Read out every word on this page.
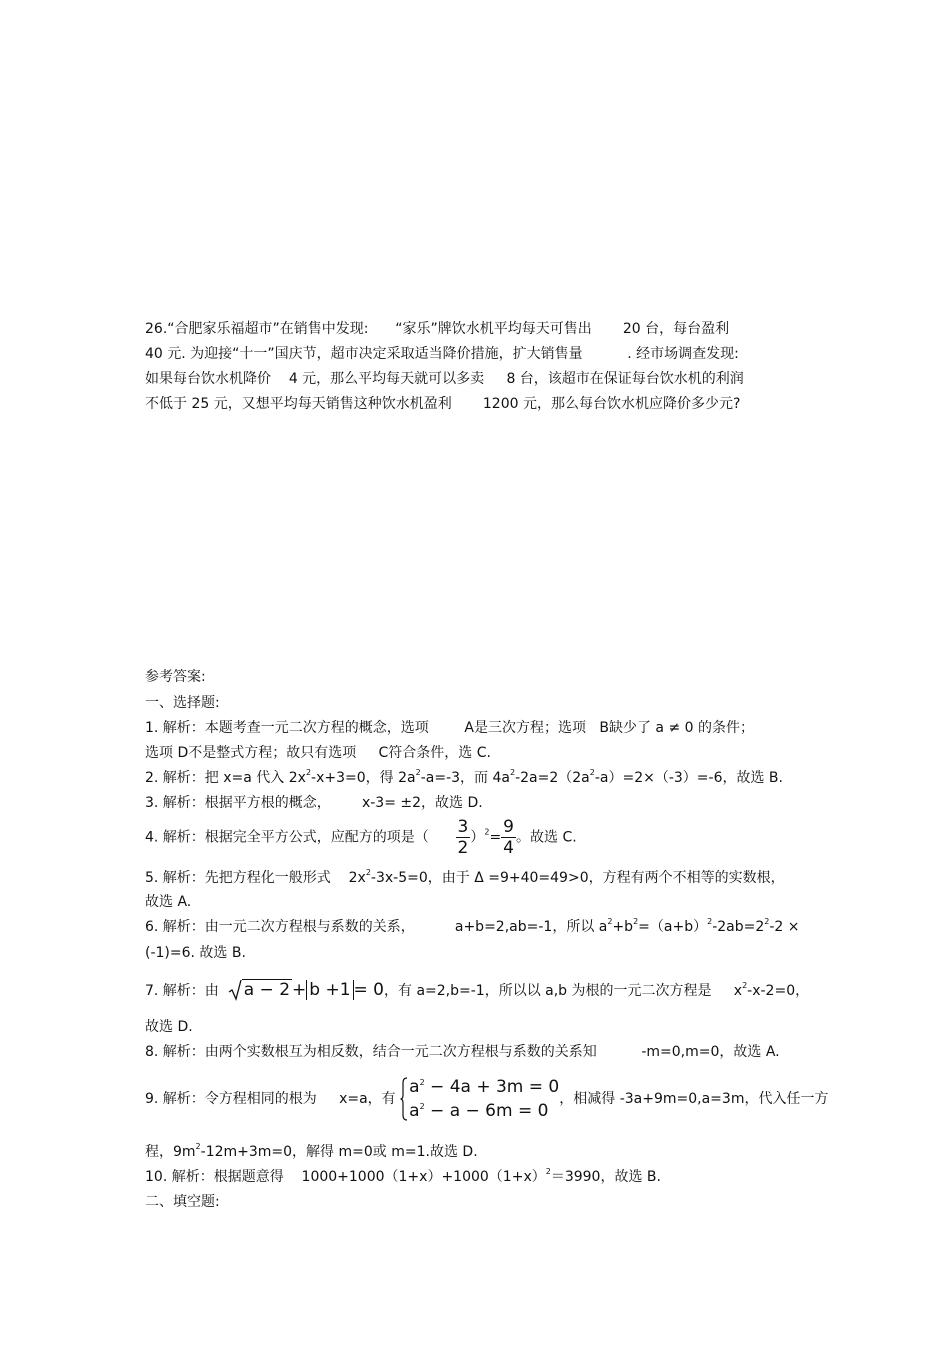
26.“合肥家乐福超市”在销售中发现: “家乐”牌饮水机平均每天可售出 20 台，每台盈利
40 元. 为迎接“十一”国庆节，超市决定采取适当降价措施，扩大销售量	. 经市场调查发现:
如果每台饮水机降价 4 元，那么平均每天就可以多卖 8 台，该超市在保证每台饮水机的利润
不低于 25 元，又想平均每天销售这种饮水机盈利 1200 元，那么每台饮水机应降价多少元?
参考答案:
一、选择题:
1. 解析：本题考查一元二次方程的概念，选项	A是三次方程；选项 B缺少了 a ≠ 0 的条件；
选项 D不是整式方程；故只有选项 C符合条件，选 C.
2. 解析：把 x=a 代入 $2x^2-x+3=0$，得 $2a^2-a=-3$，而 $4a^2-2a=2(2a^2-a)=2\times(-3)=-6$，故选 B.
3. 解析：根据平方根的概念， x-3= ±2，故选 D.
4. 解析：根据完全平方公式，应配方的项是（ $\frac{3}{2} )^2= \frac{9}{4}$ 。故选 C.
5. 解析：先把方程化一般形式 $2x^2-3x-5=0$，由于 Δ =9+40=49>0，方程有两个不相等的实数根，
故选 A.
6. 解析：由一元二次方程根与系数的关系，	a+b=2,ab=-1，所以 $a^2+b^2=(a+b)^2-2ab=2^2-2$ ×
(-1)=6. 故选 B.
7. 解析：由 a − 2 + b +1 = 0，有 a=2,b=-1，所以以 a,b 为根的一元二次方程是 $x^2-x-2=0$，
故选 D.
8. 解析：由两个实数根互为相反数，结合一元二次方程根与系数的关系知	-m=0,m=0，故选 A.
9. 解析：令方程相同的根为 x=a，有
$a^2 - 4a + 3m = 0$
$a^2 - a - 6m = 0$
，相减得 -3a+9m=0,a=3m，代入任一方
程，$9m^2-12m+3m=0$，解得 m=0或 m=1.故选 D.
10. 解析：根据题意得 $1000+1000(1+x)+1000(1+x)^2=3990$，故选 B.
二、填空题:
